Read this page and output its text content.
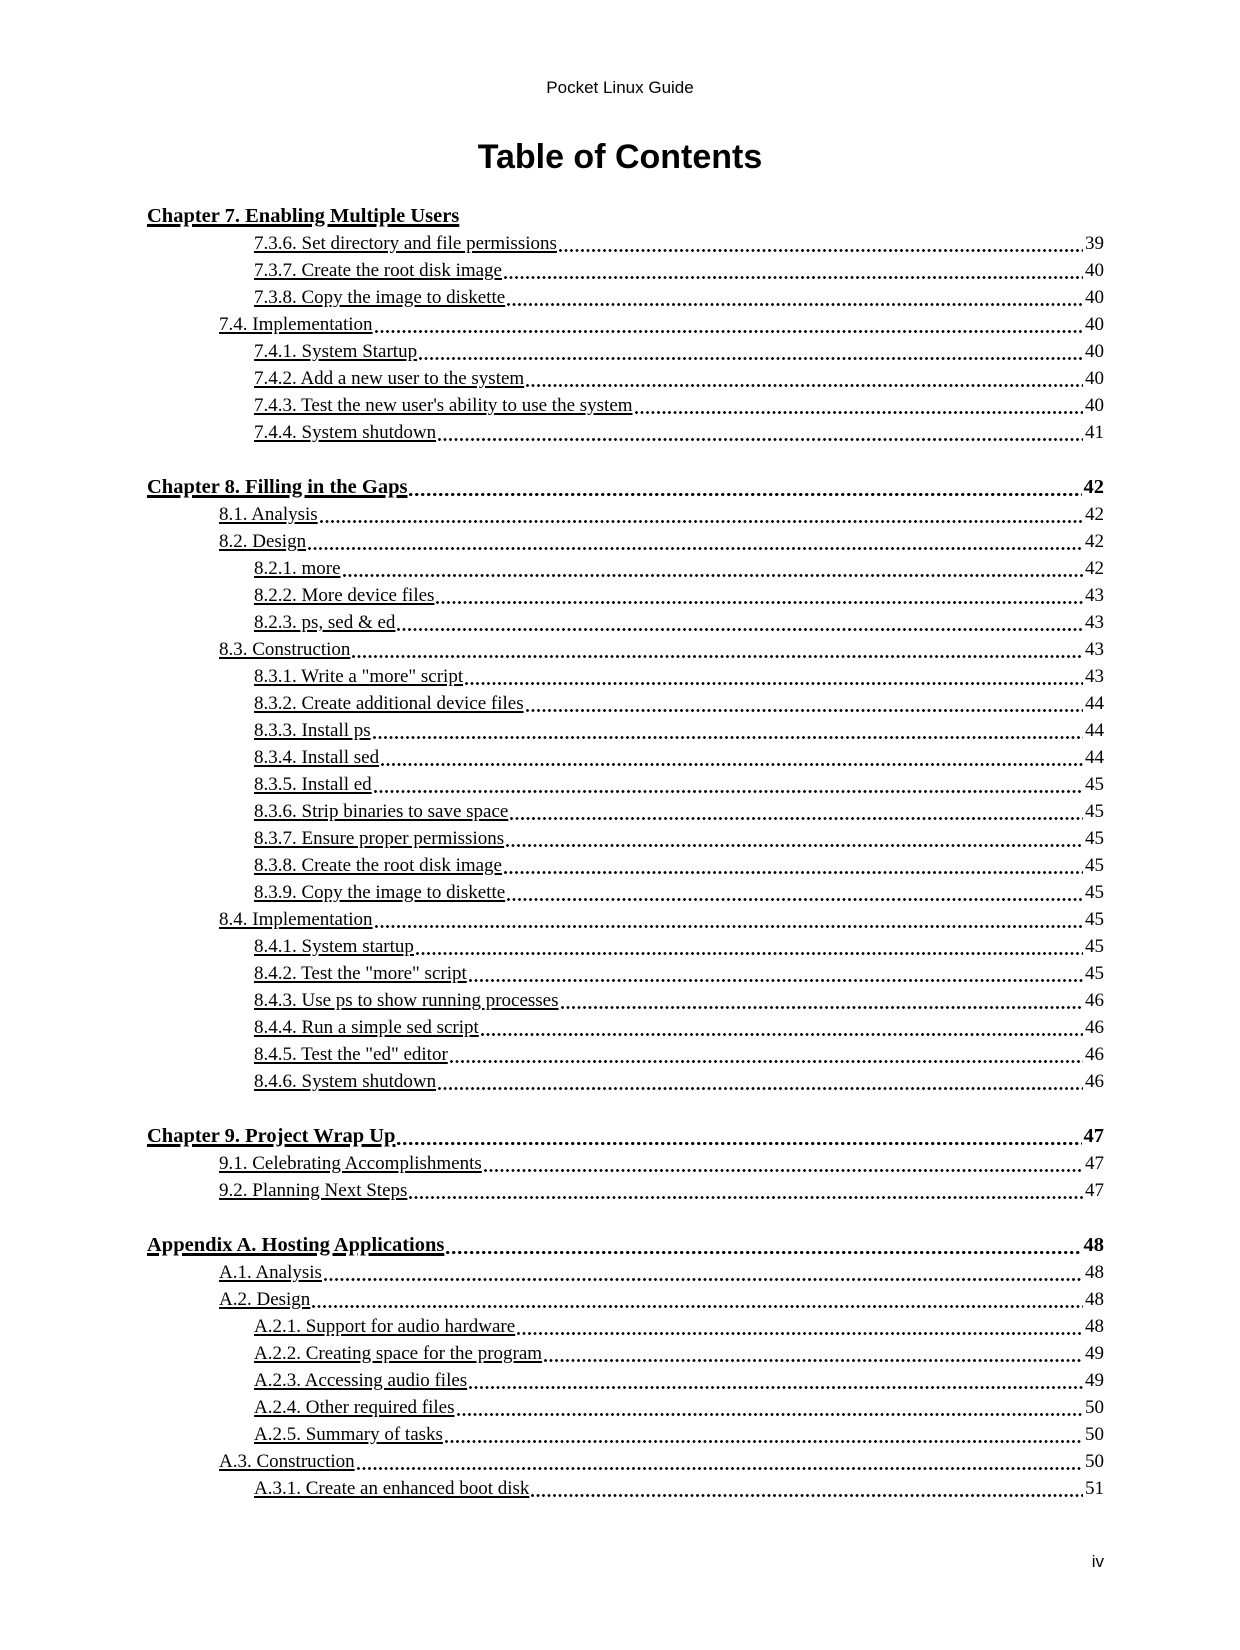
Pocket Linux Guide
Table of Contents
Chapter 7. Enabling Multiple Users
7.3.6. Set directory and file permissions	39
7.3.7. Create the root disk image	40
7.3.8. Copy the image to diskette	40
7.4. Implementation	40
7.4.1. System Startup	40
7.4.2. Add a new user to the system	40
7.4.3. Test the new user's ability to use the system	40
7.4.4. System shutdown	41
Chapter 8. Filling in the Gaps	42
8.1. Analysis	42
8.2. Design	42
8.2.1. more	42
8.2.2. More device files	43
8.2.3. ps, sed & ed	43
8.3. Construction	43
8.3.1. Write a "more" script	43
8.3.2. Create additional device files	44
8.3.3. Install ps	44
8.3.4. Install sed	44
8.3.5. Install ed	45
8.3.6. Strip binaries to save space	45
8.3.7. Ensure proper permissions	45
8.3.8. Create the root disk image	45
8.3.9. Copy the image to diskette	45
8.4. Implementation	45
8.4.1. System startup	45
8.4.2. Test the "more" script	45
8.4.3. Use ps to show running processes	46
8.4.4. Run a simple sed script	46
8.4.5. Test the "ed" editor	46
8.4.6. System shutdown	46
Chapter 9. Project Wrap Up	47
9.1. Celebrating Accomplishments	47
9.2. Planning Next Steps	47
Appendix A. Hosting Applications	48
A.1. Analysis	48
A.2. Design	48
A.2.1. Support for audio hardware	48
A.2.2. Creating space for the program	49
A.2.3. Accessing audio files	49
A.2.4. Other required files	50
A.2.5. Summary of tasks	50
A.3. Construction	50
A.3.1. Create an enhanced boot disk	51
iv
